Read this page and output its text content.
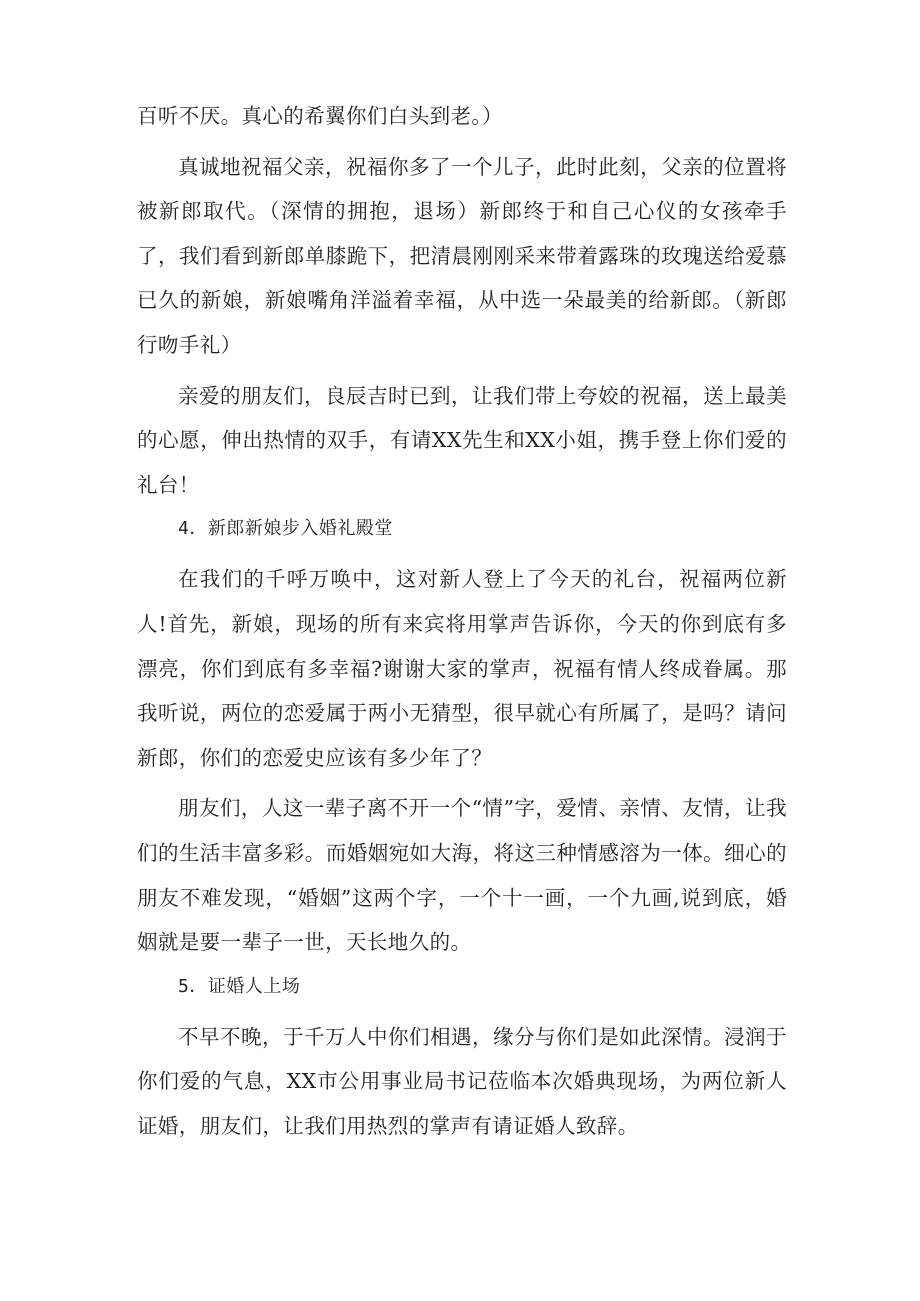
百听不厌。真心的希翼你们白头到老。）

真诚地祝福父亲，祝福你多了一个儿子，此时此刻，父亲的位置将被新郎取代。（深情的拥抱，退场）新郎终于和自己心仪的女孩牵手了，我们看到新郎单膝跪下，把清晨刚刚采来带着露珠的玫瑰送给爱慕已久的新娘，新娘嘴角洋溢着幸福，从中选一朵最美的给新郎。（新郎行吻手礼）

亲爱的朋友们，良辰吉时已到，让我们带上夸姣的祝福，送上最美的心愿，伸出热情的双手，有请XX先生和XX小姐，携手登上你们爱的礼台！

4．新郎新娘步入婚礼殿堂

在我们的千呼万唤中，这对新人登上了今天的礼台，祝福两位新人!首先，新娘，现场的所有来宾将用掌声告诉你，今天的你到底有多漂亮，你们到底有多幸福?谢谢大家的掌声，祝福有情人终成眷属。那我听说，两位的恋爱属于两小无猜型，很早就心有所属了，是吗？请问新郎，你们的恋爱史应该有多少年了？

朋友们，人这一辈子离不开一个“情”字，爱情、亲情、友情，让我们的生活丰富多彩。而婚姻宛如大海，将这三种情感溶为一体。细心的朋友不难发现，“婚姻”这两个字，一个十一画，一个九画,说到底，婚姻就是要一辈子一世，天长地久的。

5．证婚人上场

不早不晚，于千万人中你们相遇，缘分与你们是如此深情。浸润于你们爱的气息，XX市公用事业局书记莅临本次婚典现场，为两位新人证婚，朋友们，让我们用热烈的掌声有请证婚人致辞。
